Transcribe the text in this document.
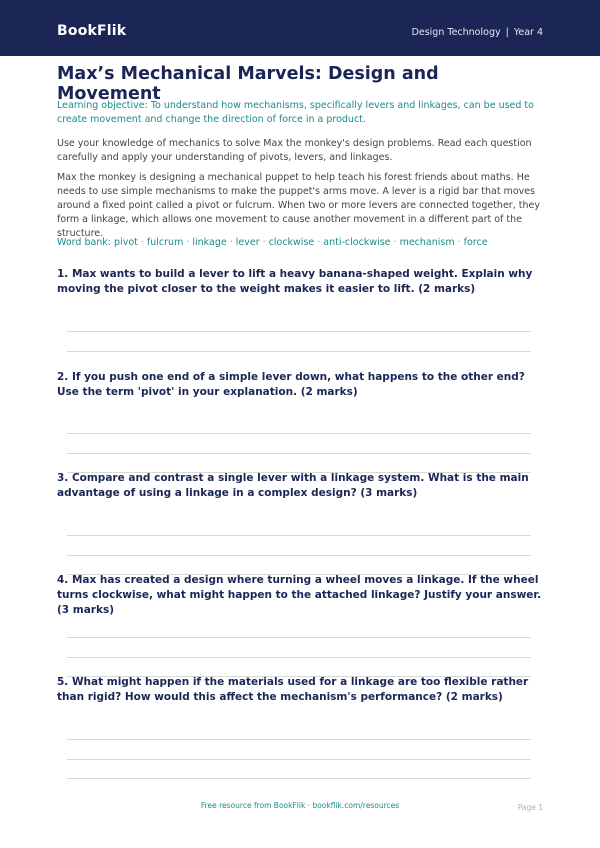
BookFlik	Design Technology | Year 4
Max’s Mechanical Marvels: Design and Movement

Learning objective: To understand how mechanisms, specifically levers and linkages, can be used to create movement and change the direction of force in a product.

Use your knowledge of mechanics to solve Max the monkey's design problems. Read each question carefully and apply your understanding of pivots, levers, and linkages.

Max the monkey is designing a mechanical puppet to help teach his forest friends about maths. He needs to use simple mechanisms to make the puppet's arms move. A lever is a rigid bar that moves around a fixed point called a pivot or fulcrum. When two or more levers are connected together, they form a linkage, which allows one movement to cause another movement in a different part of the structure.

Word bank: pivot · fulcrum · linkage · lever · clockwise · anti-clockwise · mechanism · force

1. Max wants to build a lever to lift a heavy banana-shaped weight. Explain why moving the pivot closer to the weight makes it easier to lift. (2 marks)

2. If you push one end of a simple lever down, what happens to the other end? Use the term 'pivot' in your explanation. (2 marks)

3. Compare and contrast a single lever with a linkage system. What is the main advantage of using a linkage in a complex design? (3 marks)

4. Max has created a design where turning a wheel moves a linkage. If the wheel turns clockwise, what might happen to the attached linkage? Justify your answer. (3 marks)

5. What might happen if the materials used for a linkage are too flexible rather than rigid? How would this affect the mechanism's performance? (2 marks)

Free resource from BookFlik · bookflik.com/resources	Page 1
